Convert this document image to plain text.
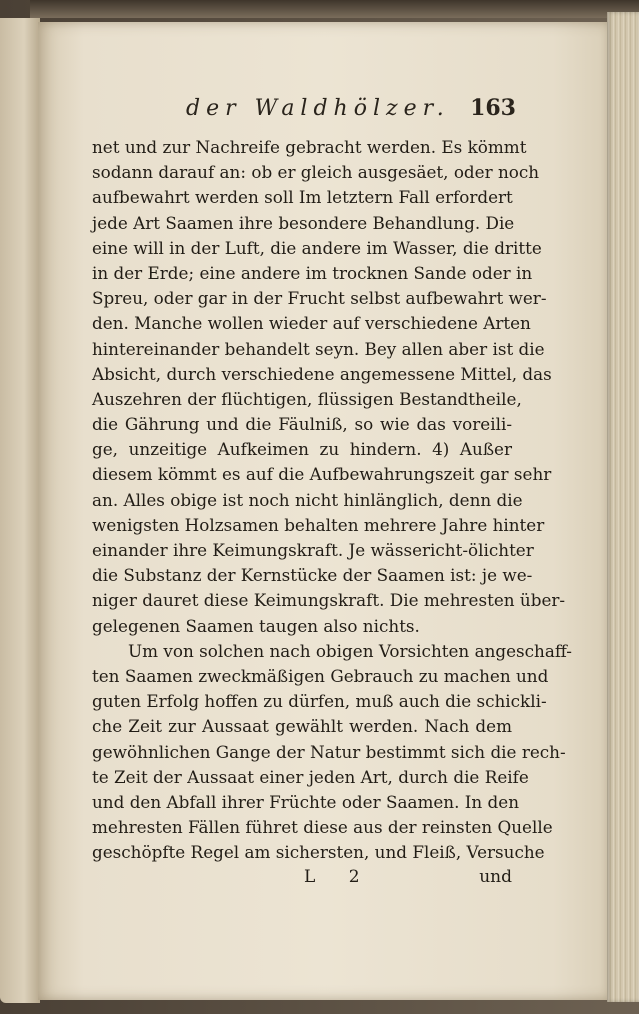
der Waldhölzer. 163
net und zur Nachreife gebracht werden. Es kömmt
sodann darauf an: ob er gleich ausgesäet, oder noch
aufbewahrt werden soll Im letztern Fall erfordert
jede Art Saamen ihre besondere Behandlung. Die
eine will in der Luft, die andere im Wasser, die dritte
in der Erde; eine andere im trocknen Sande oder in
Spreu, oder gar in der Frucht selbst aufbewahrt wer-
den. Manche wollen wieder auf verschiedene Arten
hintereinander behandelt seyn. Bey allen aber ist die
Absicht, durch verschiedene angemessene Mittel, das
Auszehren der flüchtigen, flüssigen Bestandtheile,
die Gährung und die Fäulniß, so wie das voreili-
ge, unzeitige Aufkeimen zu hindern. 4) Außer
diesem kömmt es auf die Aufbewahrungszeit gar sehr
an. Alles obige ist noch nicht hinlänglich, denn die
wenigsten Holzsamen behalten mehrere Jahre hinter
einander ihre Keimungskraft. Je wässericht-ölichter
die Substanz der Kernstücke der Saamen ist: je we-
niger dauret diese Keimungskraft. Die mehresten über-
gelegenen Saamen taugen also nichts.
Um von solchen nach obigen Vorsichten angeschaff-
ten Saamen zweckmäßigen Gebrauch zu machen und
guten Erfolg hoffen zu dürfen, muß auch die schickli-
che Zeit zur Aussaat gewählt werden. Nach dem
gewöhnlichen Gange der Natur bestimmt sich die rech-
te Zeit der Aussaat einer jeden Art, durch die Reife
und den Abfall ihrer Früchte oder Saamen. In den
mehresten Fällen führet diese aus der reinsten Quelle
geschöpfte Regel am sichersten, und Fleiß, Versuche
L 2	und
